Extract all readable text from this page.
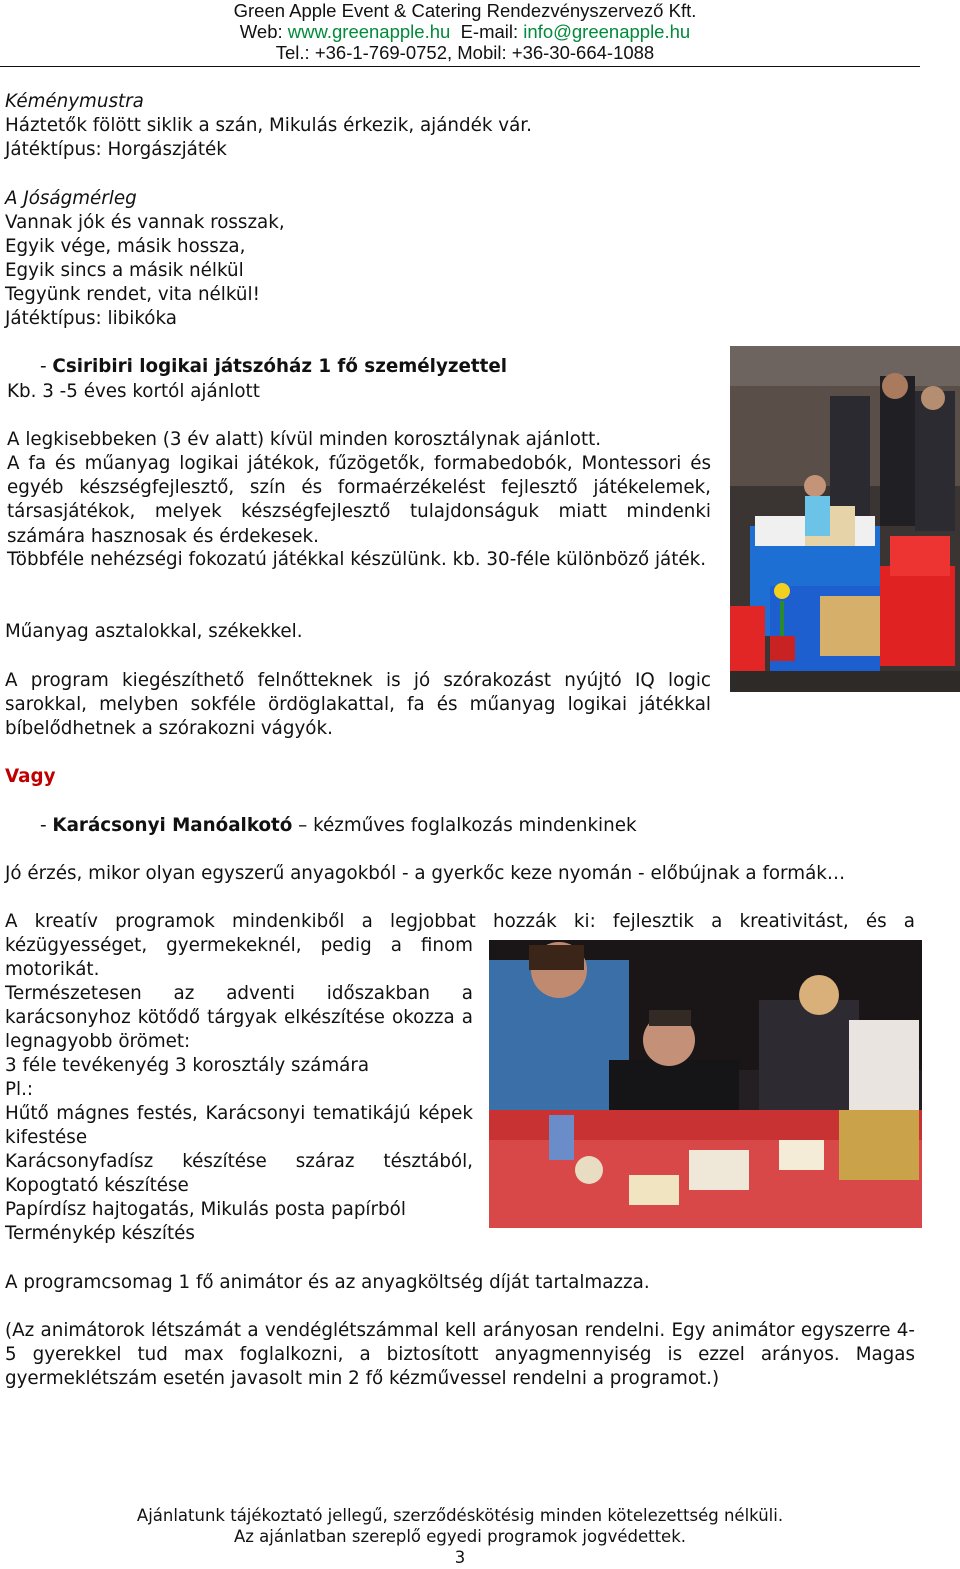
Green Apple Event & Catering Rendezvényszervező Kft.
Web: www.greenapple.hu E-mail: info@greenapple.hu
Tel.: +36-1-769-0752, Mobil: +36-30-664-1088
Kéménymustra
Háztetők fölött siklik a szán, Mikulás érkezik, ajándék vár.
Játéktípus: Horgászjáték
A Jóságmérleg
Vannak jók és vannak rosszak,
Egyik vége, másik hossza,
Egyik sincs a másik nélkül
Tegyünk rendet, vita nélkül!
Játéktípus: libikóka
- Csiribiri logikai játszóház 1 fő személyzettel
Kb. 3 -5 éves kortól ajánlott
A legkisebbeken (3 év alatt) kívül minden korosztálynak ajánlott.
A fa és műanyag logikai játékok, fűzögetők, formabedobók, Montessori és egyéb készségfejlesztő, szín és formaérzékelést fejlesztő játékelemek, társasjátékok, melyek készségfejlesztő tulajdonságuk miatt mindenki számára hasznosak és érdekesek.
Többféle nehézségi fokozatú játékkal készülünk. kb. 30-féle különböző játék.
Műanyag asztalokkal, székekkel.
A program kiegészíthető felnőtteknek is jó szórakozást nyújtó IQ logic sarokkal, melyben sokféle ördöglakattal, fa és műanyag logikai játékkal bíbelődhetnek a szórakozni vágyók.
Vagy
- Karácsonyi Manóalkotó – kézműves foglalkozás mindenkinek
Jó érzés, mikor olyan egyszerű anyagokból - a gyerkőc keze nyomán - előbújnak a formák…
A kreatív programok mindenkiből a legjobbat hozzák ki: fejlesztik a kreativitást, és a
kézügyességet, gyermekeknél, pedig a finom motorikát.
Természetesen az adventi időszakban a karácsonyhoz kötődő tárgyak elkészítése okozza a legnagyobb örömet:
3 féle tevékenyég 3 korosztály számára
Pl.:
Hűtő mágnes festés, Karácsonyi tematikájú képek kifestése
Karácsonyfadísz készítése száraz tésztából, Kopogtató készítése
Papírdísz hajtogatás, Mikulás posta papírból
Terménykép készítés
A programcsomag 1 fő animátor és az anyagköltség díját tartalmazza.
(Az animátorok létszámát a vendéglétszámmal kell arányosan rendelni. Egy animátor egyszerre 4-5 gyerekkel tud max foglalkozni, a biztosított anyagmennyiség is ezzel arányos. Magas gyermeklétszám esetén javasolt min 2 fő kézművessel rendelni a programot.)
Ajánlatunk tájékoztató jellegű, szerződéskötésig minden kötelezettség nélküli.
Az ajánlatban szereplő egyedi programok jogvédettek.
3
